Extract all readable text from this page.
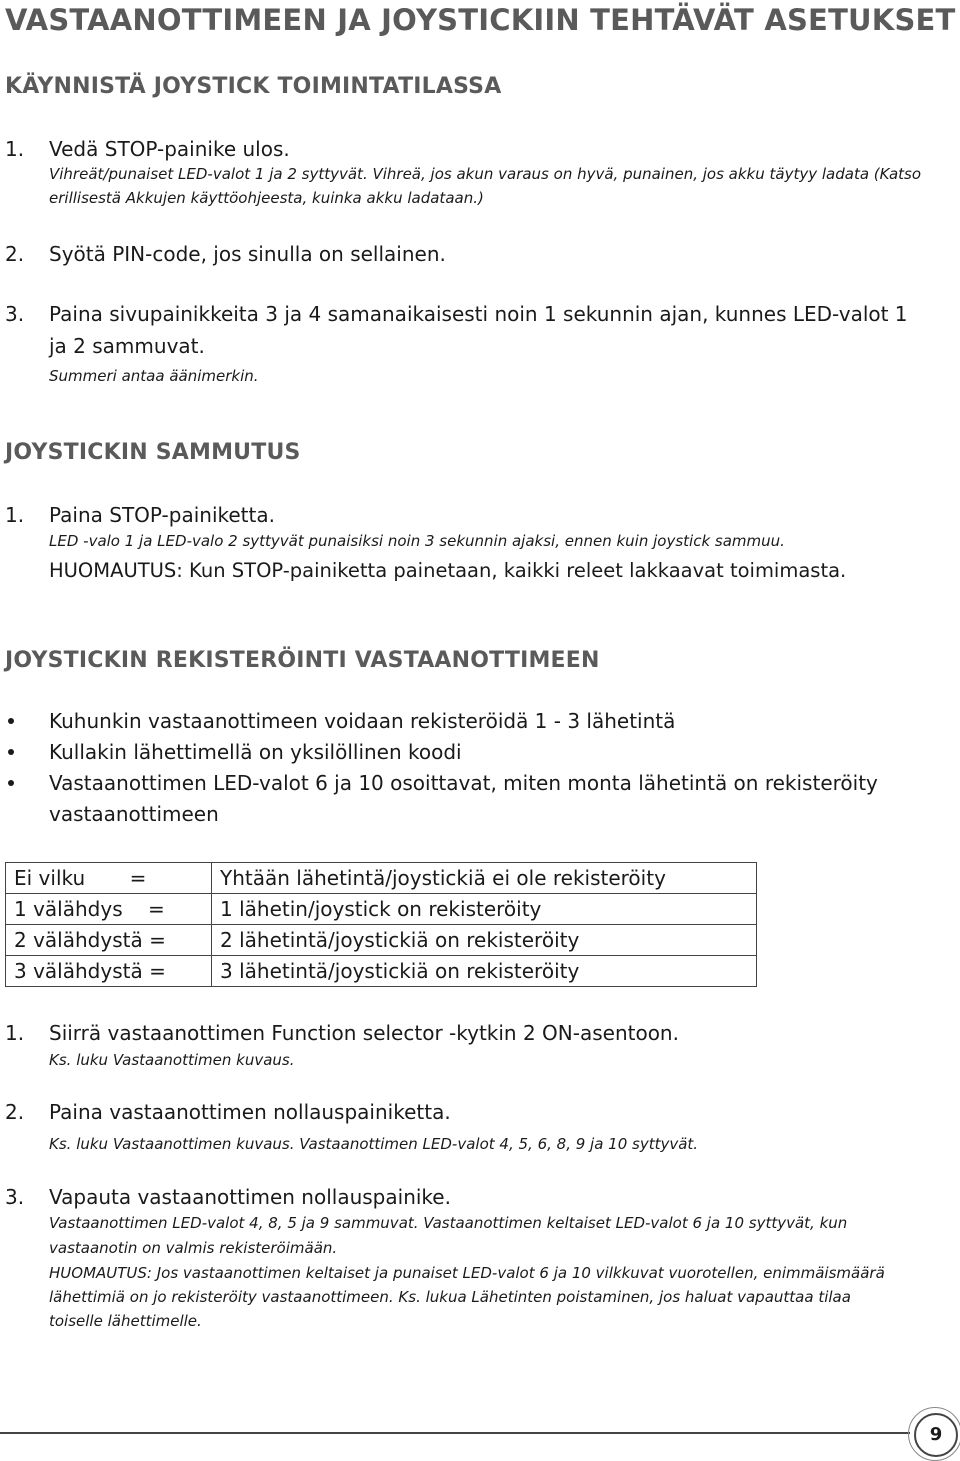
VASTAANOTTIMEEN JA JOYSTICKIIN TEHTÄVÄT ASETUKSET
KÄYNNISTÄ JOYSTICK TOIMINTATILASSA
1. Vedä STOP-painike ulos.
Vihreät/punaiset LED-valot 1 ja 2 syttyvät. Vihreä, jos akun varaus on hyvä, punainen, jos akku täytyy ladata (Katso
erillisestä Akkujen käyttöohjeesta, kuinka akku ladataan.)
2. Syötä PIN-code, jos sinulla on sellainen.
3. Paina sivupainikkeita 3 ja 4 samanaikaisesti noin 1 sekunnin ajan, kunnes LED-valot 1
ja 2 sammuvat.
Summeri antaa äänimerkin.
JOYSTICKIN SAMMUTUS
1. Paina STOP-painiketta.
LED -valo 1 ja LED-valo 2 syttyvät punaisiksi noin 3 sekunnin ajaksi, ennen kuin joystick sammuu.
HUOMAUTUS: Kun STOP-painiketta painetaan, kaikki releet lakkaavat toimimasta.
JOYSTICKIN REKISTERÖINTI VASTAANOTTIMEEN
Kuhunkin vastaanottimeen voidaan rekisteröidä 1 - 3 lähetintä
Kullakin lähettimellä on yksilöllinen koodi
Vastaanottimen LED-valot 6 ja 10 osoittavat, miten monta lähetintä on rekisteröity
vastaanottimeen
Ei vilku       =	Yhtään lähetintä/joystickiä ei ole rekisteröity
1 välähdys    =	1 lähetin/joystick on rekisteröity
2 välähdystä =	2 lähetintä/joystickiä on rekisteröity
3 välähdystä =	3 lähetintä/joystickiä on rekisteröity
1. Siirrä vastaanottimen Function selector -kytkin 2 ON-asentoon.
Ks. luku Vastaanottimen kuvaus.
2. Paina vastaanottimen nollauspainiketta.
Ks. luku Vastaanottimen kuvaus. Vastaanottimen LED-valot 4, 5, 6, 8, 9 ja 10 syttyvät.
3. Vapauta vastaanottimen nollauspainike.
Vastaanottimen LED-valot 4, 8, 5 ja 9 sammuvat. Vastaanottimen keltaiset LED-valot 6 ja 10 syttyvät, kun
vastaanotin on valmis rekisteröimään.
HUOMAUTUS: Jos vastaanottimen keltaiset ja punaiset LED-valot 6 ja 10 vilkkuvat vuorotellen, enimmäismäärä
lähettimiä on jo rekisteröity vastaanottimeen. Ks. lukua Lähetinten poistaminen, jos haluat vapauttaa tilaa
toiselle lähettimelle.
9
